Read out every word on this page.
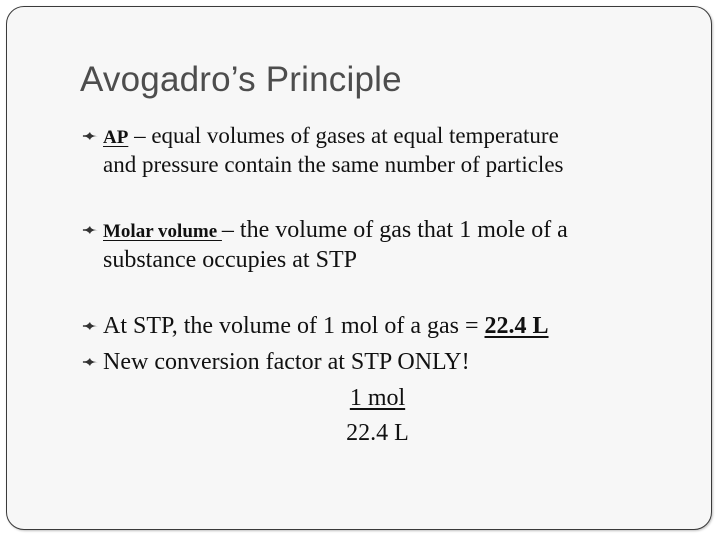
Avogadro’s Principle
AP – equal volumes of gases at equal temperature
and pressure contain the same number of particles
Molar volume – the volume of gas that 1 mole of a
substance occupies at STP
At STP, the volume of 1 mol of a gas = 22.4 L
New conversion factor at STP ONLY!
1 mol
22.4 L
